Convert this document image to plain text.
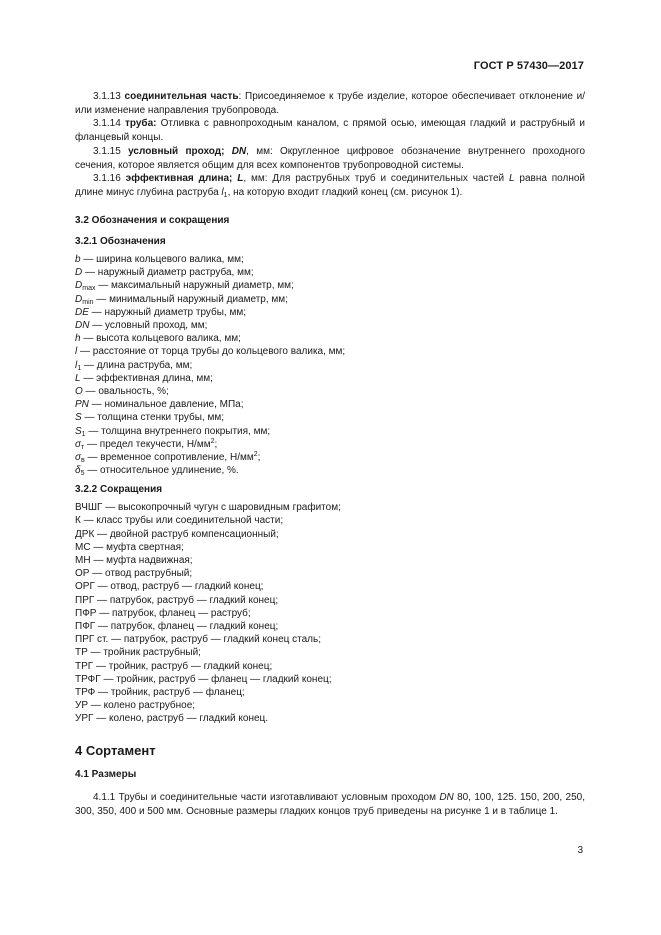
ГОСТ Р 57430—2017

3.1.13 соединительная часть: Присоединяемое к трубе изделие, которое обеспечивает отклонение и/или изменение направления трубопровода.

3.1.14 труба: Отливка с равнопроходным каналом, с прямой осью, имеющая гладкий и раструбный и фланцевый концы.

3.1.15 условный проход; DN, мм: Округленное цифровое обозначение внутреннего проходного сечения, которое является общим для всех компонентов трубопроводной системы.

3.1.16 эффективная длина; L, мм: Для раструбных труб и соединительных частей L равна полной длине минус глубина раструба $l_1$, на которую входит гладкий конец (см. рисунок 1).

3.2 Обозначения и сокращения
3.2.1 Обозначения
b — ширина кольцевого валика, мм;
D — наружный диаметр раструба, мм;
$D_{max}$ — максимальный наружный диаметр, мм;
$D_{min}$ — минимальный наружный диаметр, мм;
DE — наружный диаметр трубы, мм;
DN — условный проход, мм;
h — высота кольцевого валика, мм;
l — расстояние от торца трубы до кольцевого валика, мм;
$l_1$ — длина раструба, мм;
L — эффективная длина, мм;
O — овальность, %;
PN — номинальное давление, МПа;
S — толщина стенки трубы, мм;
$S_1$ — толщина внутреннего покрытия, мм;
$\sigma_т$ — предел текучести, $Н/мм^2$;
$\sigma_в$ — временное сопротивление, $Н/мм^2$;
$\delta_5$ — относительное удлинение, %.
3.2.2 Сокращения
ВЧШГ — высокопрочный чугун с шаровидным графитом;
К — класс трубы или соединительной части;
ДРК — двойной раструб компенсационный;
МС — муфта свертная;
МН — муфта надвижная;
ОР — отвод раструбный;
ОРГ — отвод, раструб — гладкий конец;
ПРГ — патрубок, раструб — гладкий конец;
ПФР — патрубок, фланец — раструб;
ПФГ — патрубок, фланец — гладкий конец;
ПРГ ст. — патрубок, раструб — гладкий конец сталь;
ТР — тройник раструбный;
ТРГ — тройник, раструб — гладкий конец;
ТРФГ — тройник, раструб — фланец — гладкий конец;
ТРФ — тройник, раструб — фланец;
УР — колено раструбное;
УРГ — колено, раструб — гладкий конец.
4 Сортамент
4.1 Размеры

4.1.1 Трубы и соединительные части изготавливают условным проходом DN 80, 100, 125. 150, 200, 250, 300, 350, 400 и 500 мм. Основные размеры гладких концов труб приведены на рисунке 1 и в таблице 1.

3
